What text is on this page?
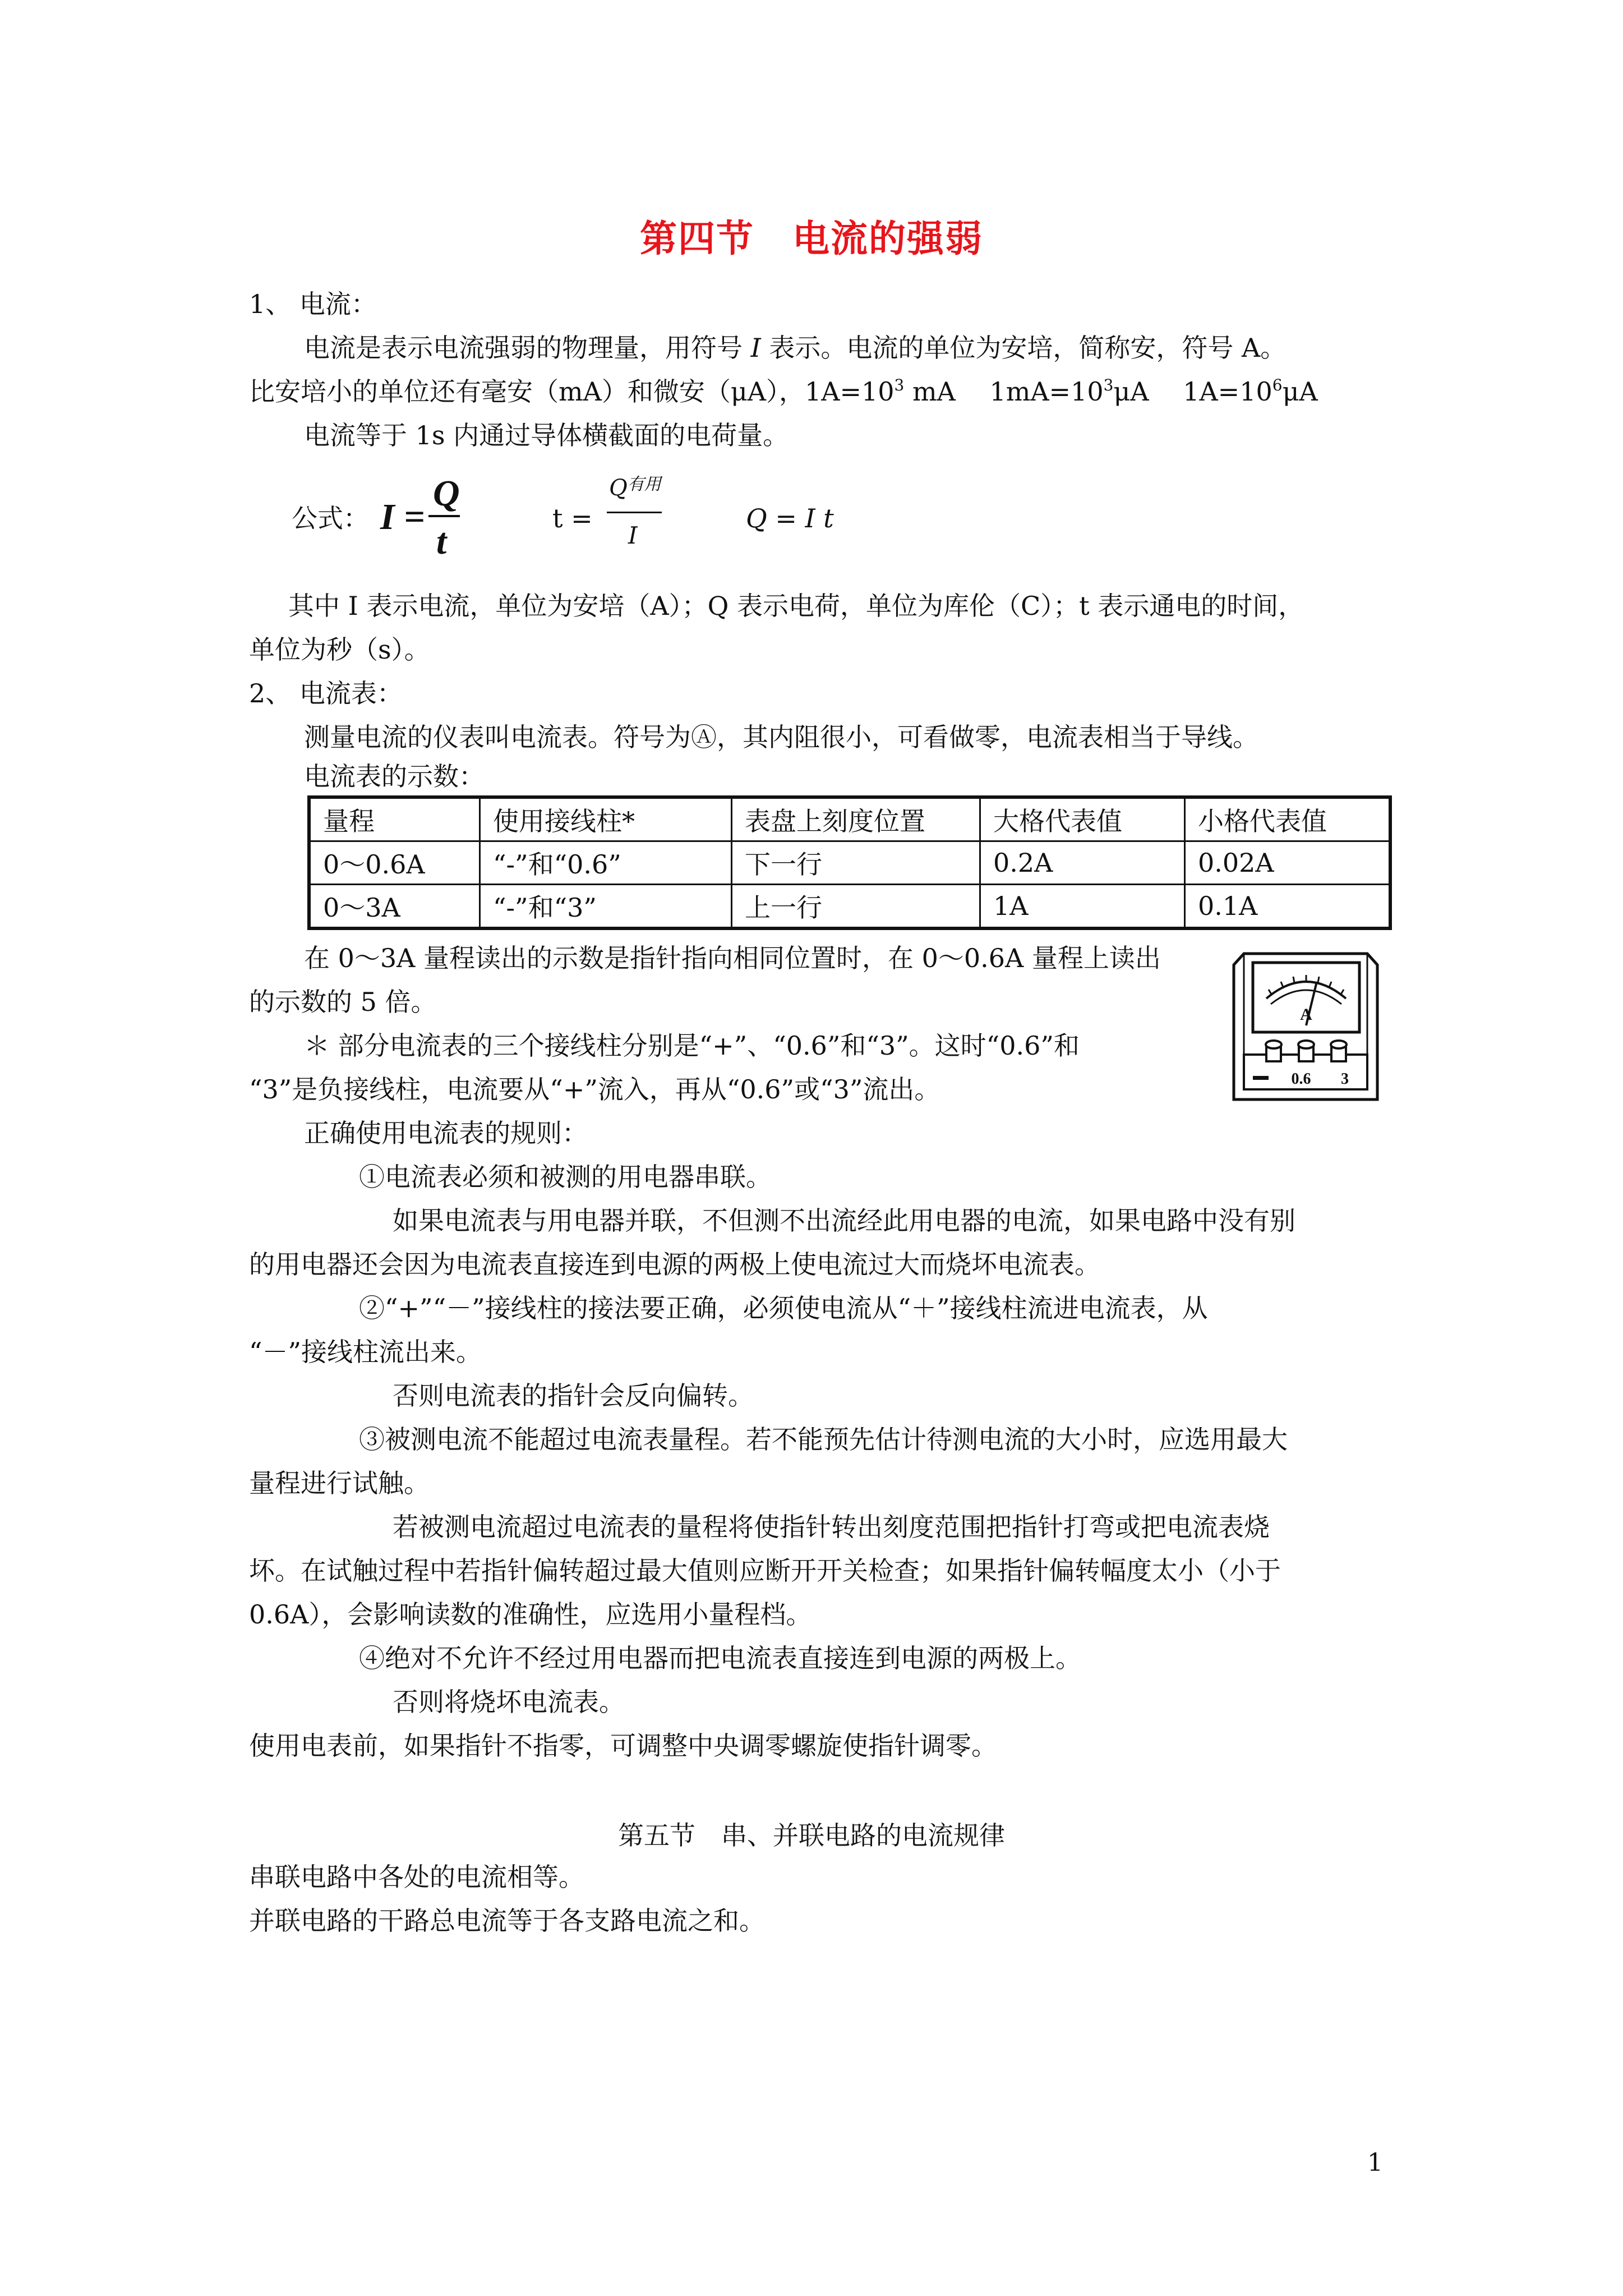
第四节　电流的强弱
1、 电流：
电流是表示电流强弱的物理量，用符号 I 表示。电流的单位为安培，简称安，符号 A。
比安培小的单位还有毫安（mA）和微安（μA），$1A=10^3$ mA　 $1mA=10^3\mu A$　 $1A=10^6\mu A$
电流等于 1s 内通过导体横截面的电荷量。
公式： I =
Q
t
t =
$Q^{有用}$
I
Q = I t
其中 I 表示电流，单位为安培（A）；Q 表示电荷，单位为库伦（C）；t 表示通电的时间，
单位为秒（s）。
2、 电流表：
测量电流的仪表叫电流表。符号为Ⓐ，其内阻很小，可看做零，电流表相当于导线。
电流表的示数：
量程	使用接线柱*	表盘上刻度位置	大格代表值	小格代表值
0～0.6A	“-”和“0.6”	下一行	0.2A	0.02A
0～3A	“-”和“3”	上一行	1A	0.1A
在 0～3A 量程读出的示数是指针指向相同位置时，在 0～0.6A 量程上读出
的示数的 5 倍。
＊ 部分电流表的三个接线柱分别是“+”、“0.6”和“3”。这时“0.6”和
“3”是负接线柱，电流要从“+”流入，再从“0.6”或“3”流出。
A
0.6 3
正确使用电流表的规则：
①电流表必须和被测的用电器串联。
如果电流表与用电器并联，不但测不出流经此用电器的电流，如果电路中没有别
的用电器还会因为电流表直接连到电源的两极上使电流过大而烧坏电流表。
②“+”“－”接线柱的接法要正确，必须使电流从“＋”接线柱流进电流表，从
“－”接线柱流出来。
否则电流表的指针会反向偏转。
③被测电流不能超过电流表量程。若不能预先估计待测电流的大小时，应选用最大
量程进行试触。
若被测电流超过电流表的量程将使指针转出刻度范围把指针打弯或把电流表烧
坏。在试触过程中若指针偏转超过最大值则应断开开关检查；如果指针偏转幅度太小（小于
0.6A），会影响读数的准确性，应选用小量程档。
④绝对不允许不经过用电器而把电流表直接连到电源的两极上。
否则将烧坏电流表。
使用电表前，如果指针不指零，可调整中央调零螺旋使指针调零。
第五节　串、并联电路的电流规律
串联电路中各处的电流相等。
并联电路的干路总电流等于各支路电流之和。
1
